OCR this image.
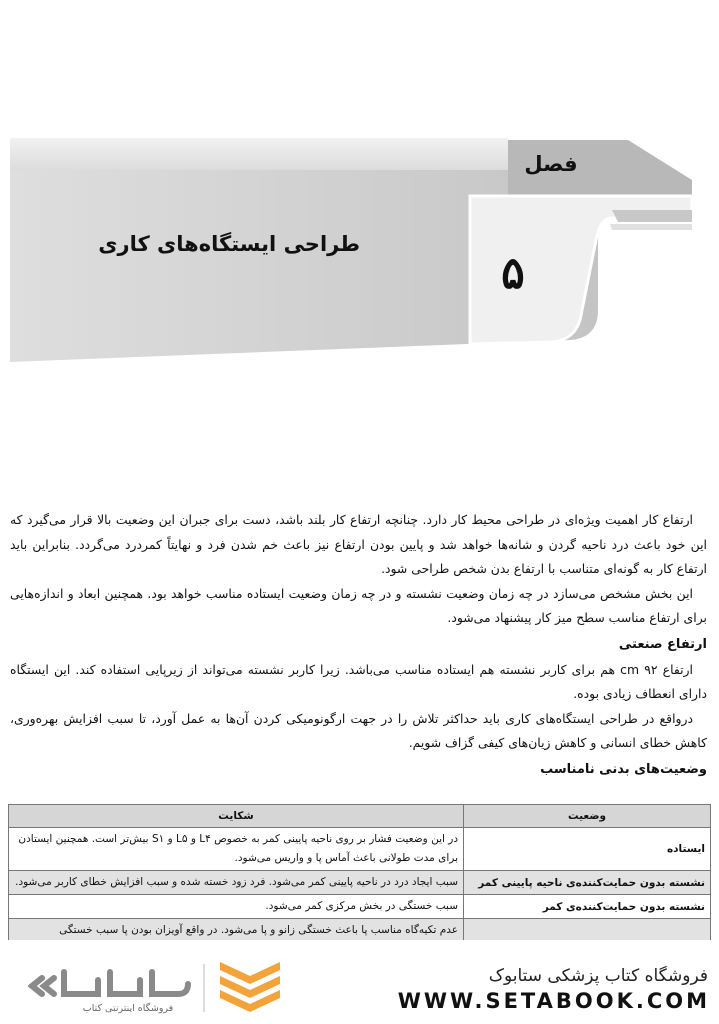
فصل
۵
طراحی ایستگاه‌های کاری

ارتفاع کار اهمیت ویژه‌ای در طراحی محیط کار دارد. چنانچه ارتفاع کار بلند باشد، دست برای جبران این وضعیت بالا قرار می‌گیرد که این خود باعث درد ناحیه گردن و شانه‌ها خواهد شد و پایین بودن ارتفاع نیز باعث خم شدن فرد و نهایتاً کمردرد می‌گردد. بنابراین باید ارتفاع کار به گونه‌ای متناسب با ارتفاع بدن شخص طراحی شود.

این بخش مشخص می‌سازد در چه زمان وضعیت نشسته و در چه زمان وضعیت ایستاده مناسب خواهد بود. همچنین ابعاد و اندازه‌هایی برای ارتفاع مناسب سطح میز کار پیشنهاد می‌شود.

ارتفاع صنعتی

ارتفاع ۹۲ cm هم برای کاربر نشسته هم ایستاده مناسب می‌باشد. زیرا کاربر نشسته می‌تواند از زیرپایی استفاده کند. این ایستگاه دارای انعطاف زیادی بوده.

درواقع در طراحی ایستگاه‌های کاری باید حداکثر تلاش را در جهت ارگونومیکی کردن آن‌ها به عمل آورد، تا سبب افزایش بهره‌وری، کاهش خطای انسانی و کاهش زیان‌های کیفی گزاف شویم.

وضعیت‌های بدنی نامناسب
وضعیت	شکایت
ایستاده	در این وضعیت فشار بر روی ناحیه پایینی کمر به خصوص L۴ و L۵ و S۱ بیش‌تر است. همچنین ایستادن برای مدت طولانی باعث آماس پا و واریس می‌شود.
نشسته بدون حمایت‌کننده‌ی ناحیه پایینی کمر	سبب ایجاد درد در ناحیه پایینی کمر می‌شود. فرد زود خسته شده و سبب افزایش خطای کاربر می‌شود.
نشسته بدون حمایت‌کننده‌ی کمر	سبب خستگی در بخش مرکزی کمر می‌شود.
	عدم تکیه‌گاه مناسب پا باعث خستگی زانو و پا می‌شود. در واقع آویزان بودن پا سبب خستگی
فروشگاه کتاب پزشکی ستابوک
WWW.SETABOOK.COM
فروشگاه اینترنتی کتاب
